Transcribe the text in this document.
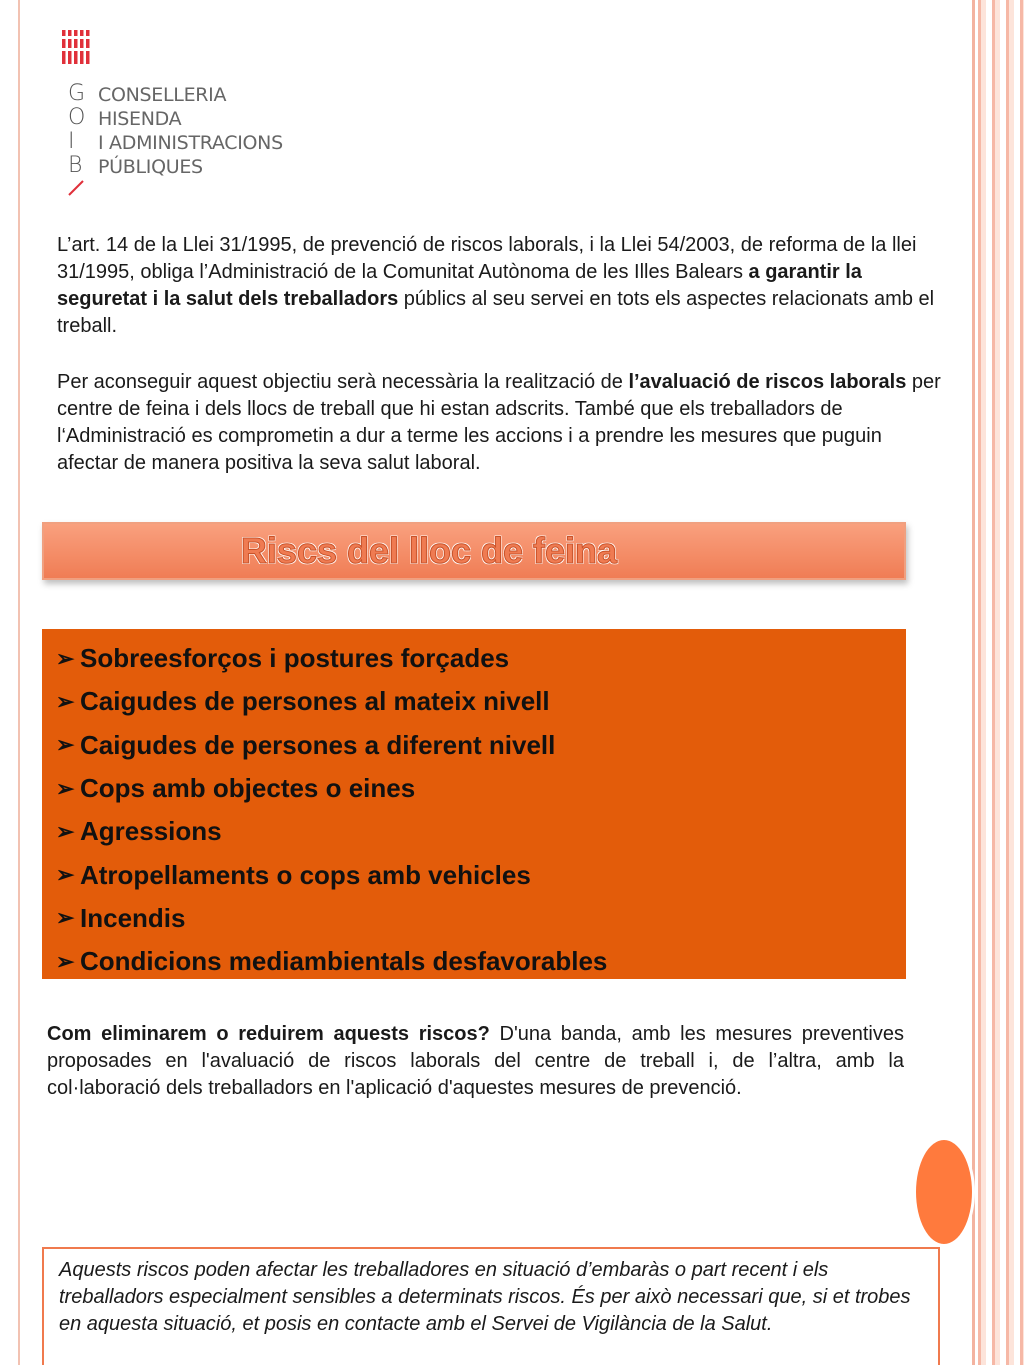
G
O
I
B
CONSELLERIA
HISENDA
I ADMINISTRACIONS
PÚBLIQUES

L’art. 14 de la Llei 31/1995, de prevenció de riscos laborals, i la Llei 54/2003, de reforma de la llei 31/1995, obliga l’Administració de la Comunitat Autònoma de les Illes Balears a garantir la seguretat i la salut dels treballadors públics al seu servei en tots els aspectes relacionats amb el treball.

Per aconseguir aquest objectiu serà necessària la realització de l’avaluació de riscos laborals per centre de feina i dels llocs de treball que hi estan adscrits. També que els treballadors de l‘Administració es comprometin a dur a terme les accions i a prendre les mesures que puguin afectar de manera positiva la seva salut laboral.

Riscs del lloc de feina
➢ Sobreesforços i postures forçades
➢ Caigudes de persones al mateix nivell
➢ Caigudes de persones a diferent nivell
➢ Cops amb objectes o eines
➢ Agressions
➢ Atropellaments o cops amb vehicles
➢ Incendis
➢ Condicions mediambientals desfavorables

Com eliminarem o reduirem aquests riscos? D'una banda, amb les mesures preventives proposades en l'avaluació de riscos laborals del centre de treball i, de l’altra, amb la col·laboració dels treballadors en l'aplicació d'aquestes mesures de prevenció.

Aquests riscos poden afectar les treballadores en situació d’embaràs o part recent i els treballadors especialment sensibles a determinats riscos. És per això necessari que, si et trobes en aquesta situació, et posis en contacte amb el Servei de Vigilància de la Salut.
